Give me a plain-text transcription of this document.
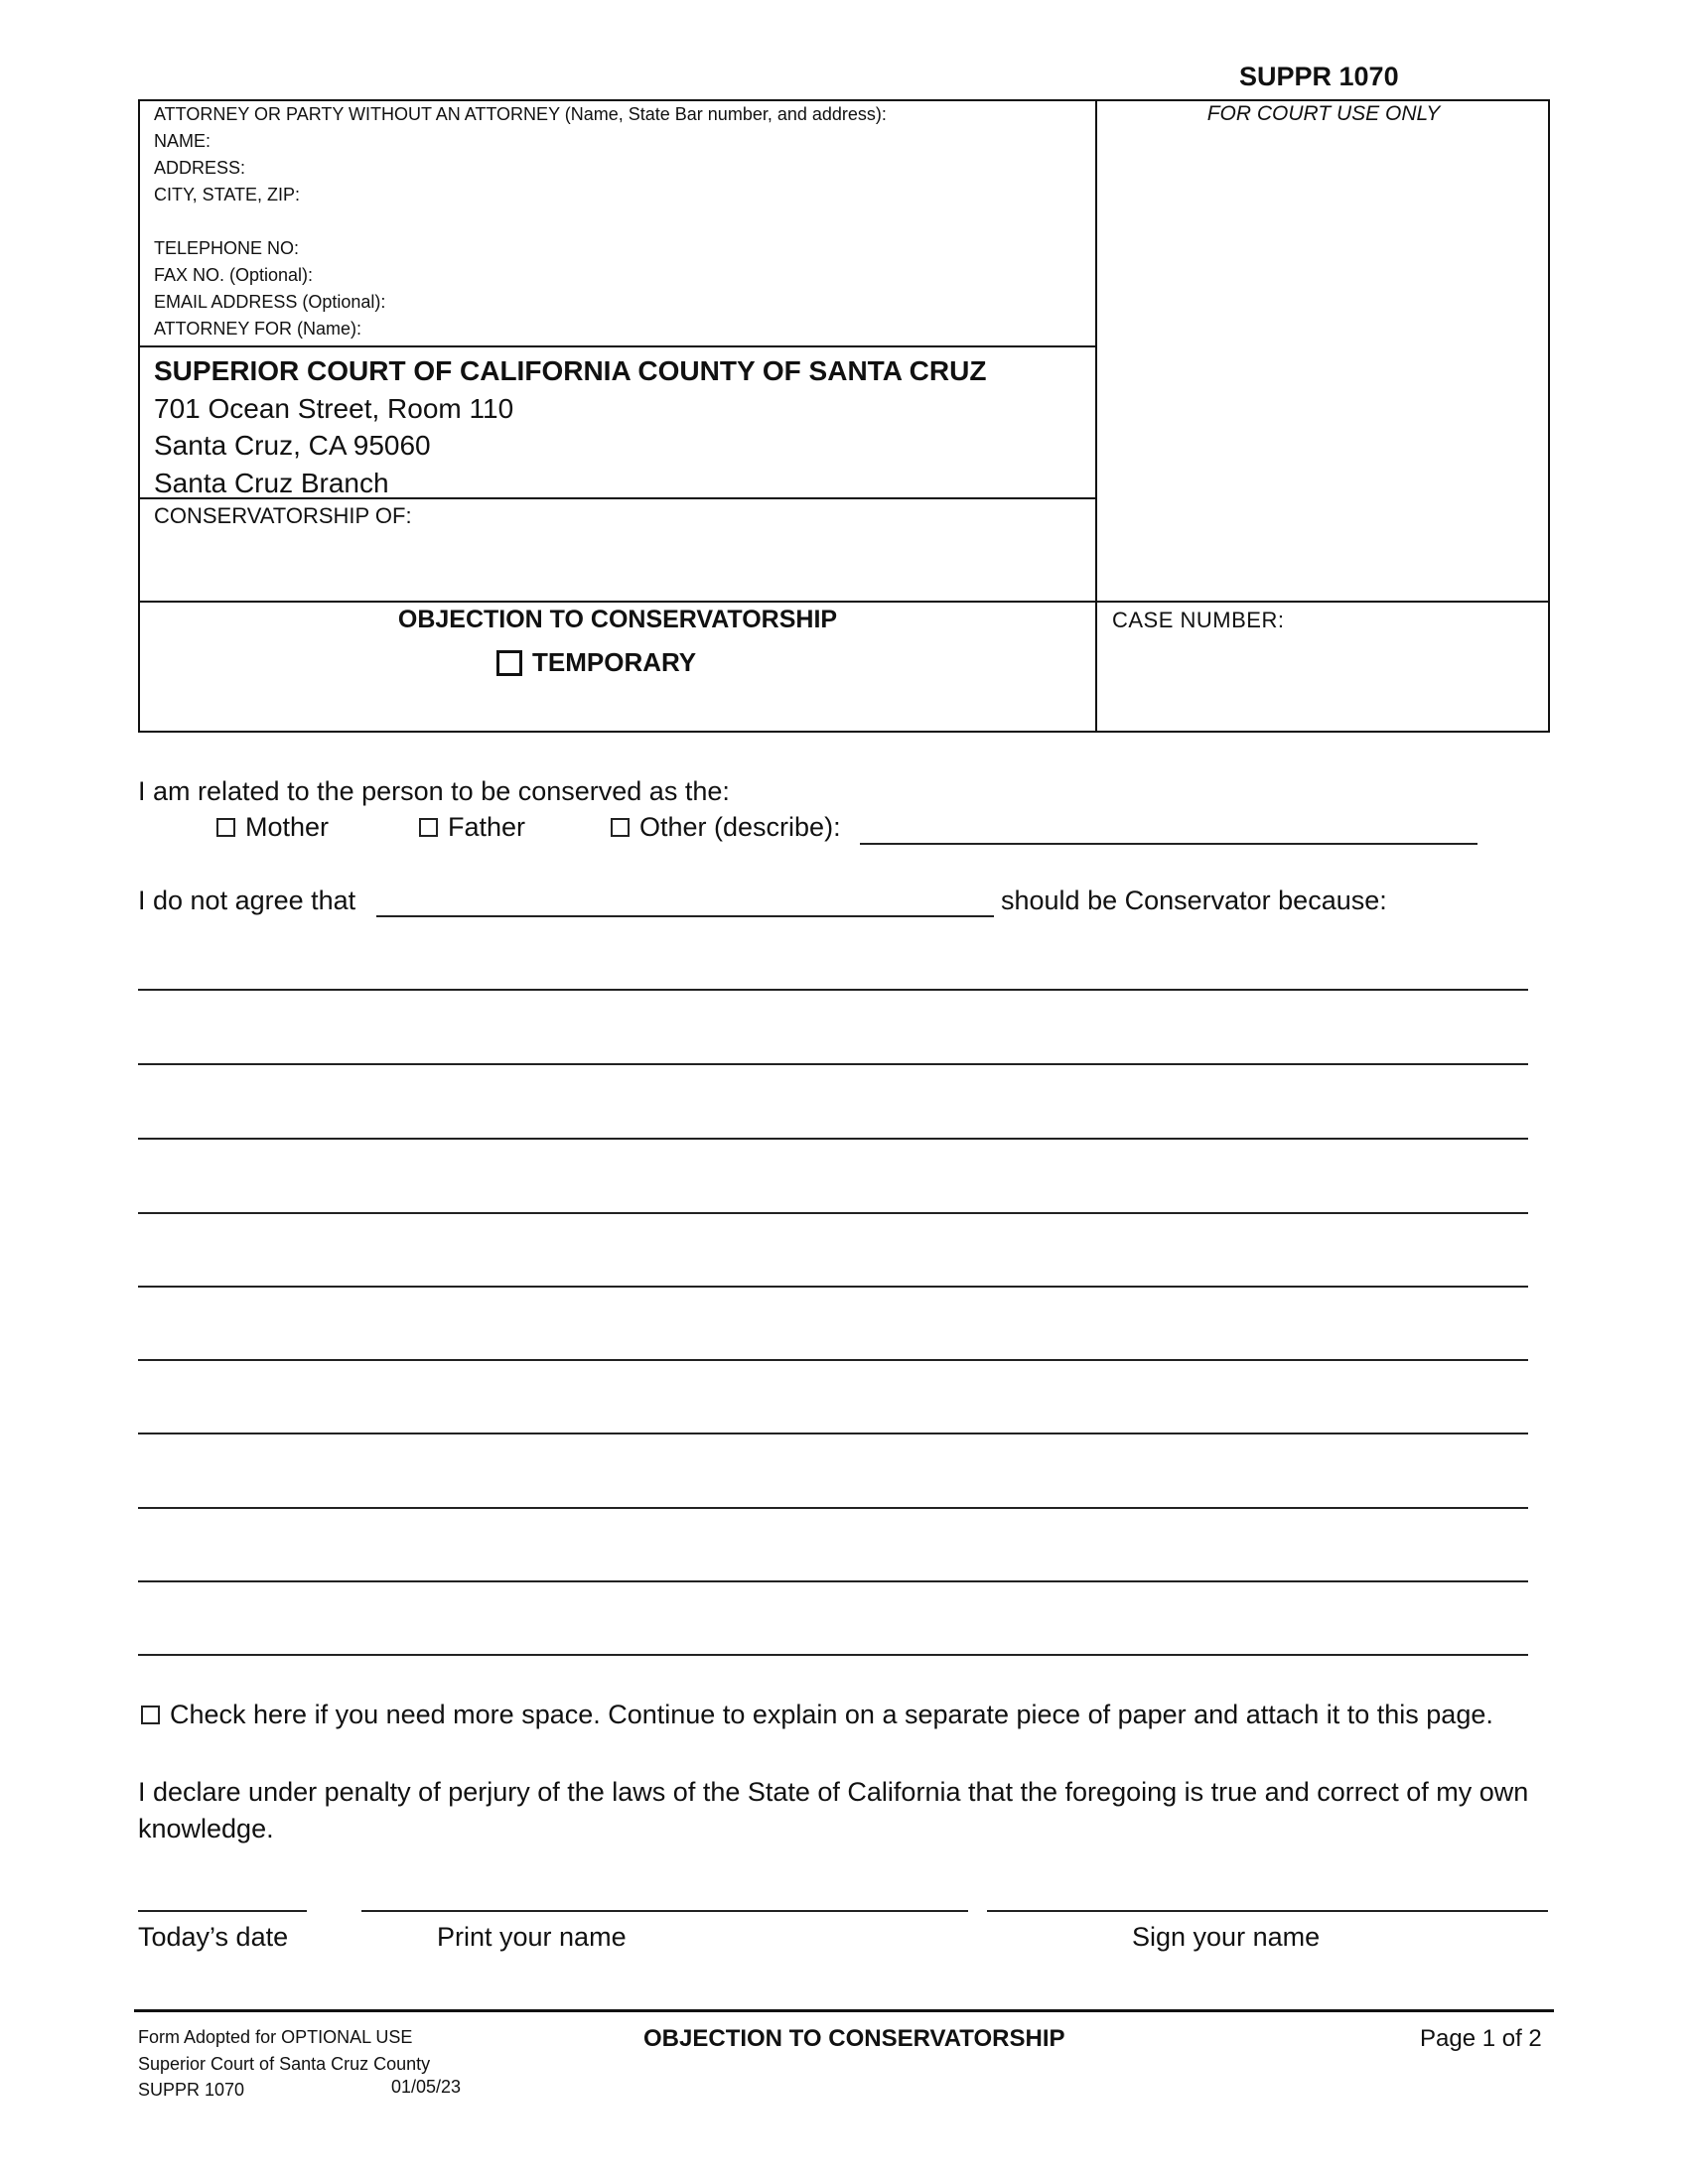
SUPPR 1070
ATTORNEY OR PARTY WITHOUT AN ATTORNEY (Name, State Bar number, and address):
NAME:
ADDRESS:
CITY, STATE, ZIP:
TELEPHONE NO:
FAX NO. (Optional):
EMAIL ADDRESS (Optional):
ATTORNEY FOR (Name):
FOR COURT USE ONLY
SUPERIOR COURT OF CALIFORNIA COUNTY OF SANTA CRUZ
701 Ocean Street, Room 110
Santa Cruz, CA 95060
Santa Cruz Branch
CONSERVATORSHIP OF:
OBJECTION TO CONSERVATORSHIP
TEMPORARY
CASE NUMBER:
I am related to the person to be conserved as the:
Mother	Father	Other (describe):
I do not agree that	should be Conservator because:
Check here if you need more space. Continue to explain on a separate piece of paper and attach it to this page.
I declare under penalty of perjury of the laws of the State of California that the foregoing is true and correct of my own knowledge.
Today’s date	Print your name	Sign your name
Form Adopted for OPTIONAL USE
Superior Court of Santa Cruz County
SUPPR 1070	01/05/23
OBJECTION TO CONSERVATORSHIP	Page 1 of 2
